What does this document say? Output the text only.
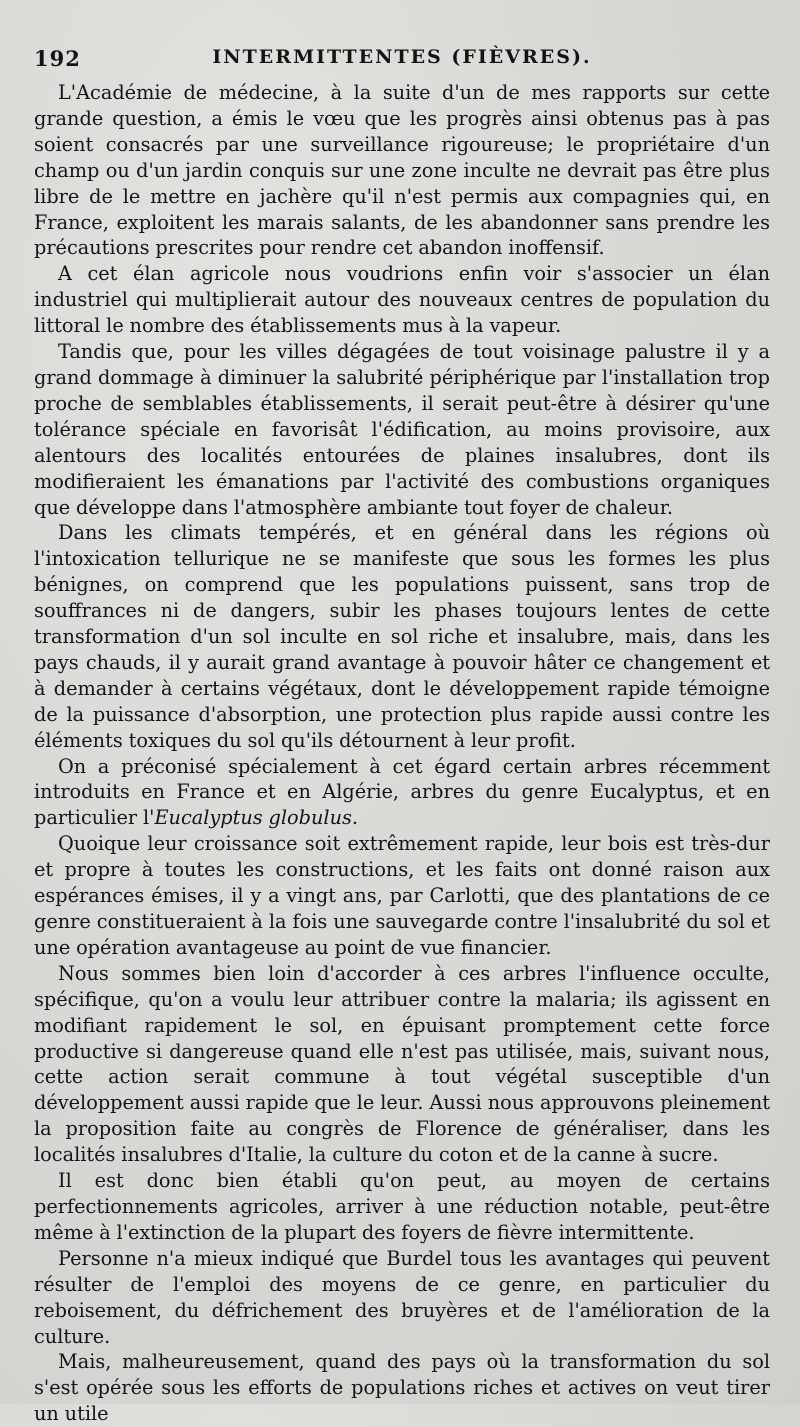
192	INTERMITTENTES (FIÈVRES).

L'Académie de médecine, à la suite d'un de mes rapports sur cette grande question, a émis le vœu que les progrès ainsi obtenus pas à pas soient consacrés par une surveillance rigoureuse; le propriétaire d'un champ ou d'un jardin conquis sur une zone inculte ne devrait pas être plus libre de le mettre en jachère qu'il n'est permis aux compagnies qui, en France, exploitent les marais salants, de les abandonner sans prendre les précautions prescrites pour rendre cet abandon inoffensif.

A cet élan agricole nous voudrions enfin voir s'associer un élan industriel qui multiplierait autour des nouveaux centres de population du littoral le nombre des établissements mus à la vapeur.

Tandis que, pour les villes dégagées de tout voisinage palustre il y a grand dommage à diminuer la salubrité périphérique par l'installation trop proche de semblables établissements, il serait peut-être à désirer qu'une tolérance spéciale en favorisât l'édification, au moins provisoire, aux alentours des localités entourées de plaines insalubres, dont ils modifieraient les émanations par l'activité des combustions organiques que développe dans l'atmosphère ambiante tout foyer de chaleur.

Dans les climats tempérés, et en général dans les régions où l'intoxication tellurique ne se manifeste que sous les formes les plus bénignes, on comprend que les populations puissent, sans trop de souffrances ni de dangers, subir les phases toujours lentes de cette transformation d'un sol inculte en sol riche et insalubre, mais, dans les pays chauds, il y aurait grand avantage à pouvoir hâter ce changement et à demander à certains végétaux, dont le développement rapide témoigne de la puissance d'absorption, une protection plus rapide aussi contre les éléments toxiques du sol qu'ils détournent à leur profit.

On a préconisé spécialement à cet égard certain arbres récemment introduits en France et en Algérie, arbres du genre Eucalyptus, et en particulier l'Eucalyptus globulus.

Quoique leur croissance soit extrêmement rapide, leur bois est très-dur et propre à toutes les constructions, et les faits ont donné raison aux espérances émises, il y a vingt ans, par Carlotti, que des plantations de ce genre constitueraient à la fois une sauvegarde contre l'insalubrité du sol et une opération avantageuse au point de vue financier.

Nous sommes bien loin d'accorder à ces arbres l'influence occulte, spécifique, qu'on a voulu leur attribuer contre la malaria; ils agissent en modifiant rapidement le sol, en épuisant promptement cette force productive si dangereuse quand elle n'est pas utilisée, mais, suivant nous, cette action serait commune à tout végétal susceptible d'un développement aussi rapide que le leur. Aussi nous approuvons pleinement la proposition faite au congrès de Florence de généraliser, dans les localités insalubres d'Italie, la culture du coton et de la canne à sucre.

Il est donc bien établi qu'on peut, au moyen de certains perfectionnements agricoles, arriver à une réduction notable, peut-être même à l'extinction de la plupart des foyers de fièvre intermittente.

Personne n'a mieux indiqué que Burdel tous les avantages qui peuvent résulter de l'emploi des moyens de ce genre, en particulier du reboisement, du défrichement des bruyères et de l'amélioration de la culture.

Mais, malheureusement, quand des pays où la transformation du sol s'est opérée sous les efforts de populations riches et actives on veut tirer un utile
